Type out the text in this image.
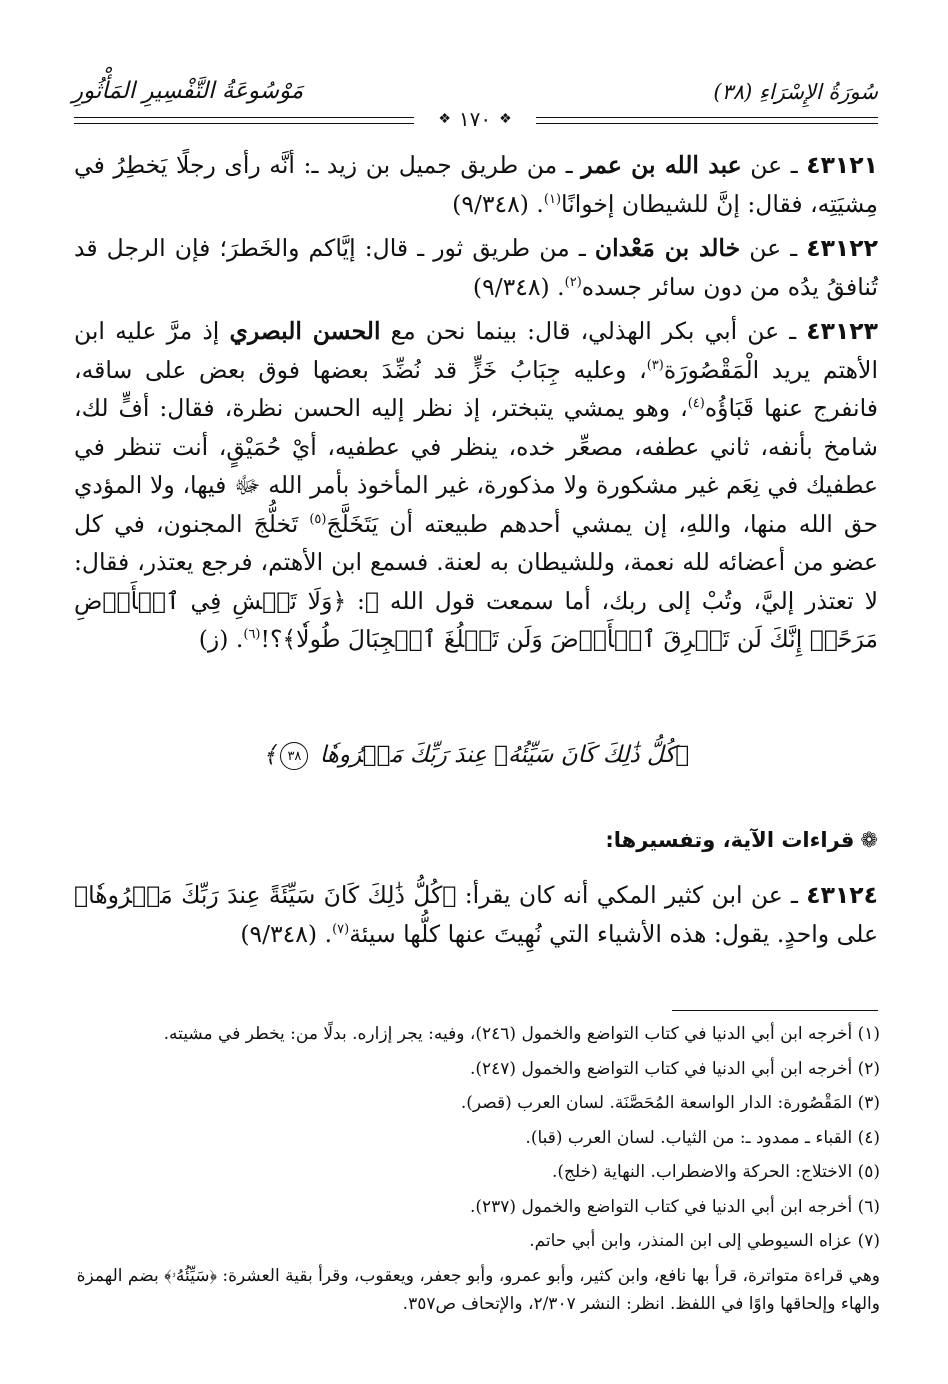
سُورَةُ الإِسْرَاءِ (٣٨)
مَوْسُوعَةُ التَّفْسِيرِ المَأْثُورِ
❖
١٧٠
❖

٤٣١٢١ ـ عن عبد الله بن عمر ـ من طريق جميل بن زيد ـ: أنَّه رأى رجلًا يَخطِرُ في مِشيَتِه، فقال: إنَّ للشيطان إخوانًا$^{(١)}$. (٩/٣٤٨)

٤٣١٢٢ ـ عن خالد بن مَعْدان ـ من طريق ثور ـ قال: إيَّاكم والخَطرَ؛ فإن الرجل قد تُنافقُ يدُه من دون سائر جسده$^{(٢)}$. (٩/٣٤٨)

٤٣١٢٣ ـ عن أبي بكر الهذلي، قال: بينما نحن مع الحسن البصري إذ مرَّ عليه ابن الأهتم يريد الْمَقْصُورَة$^{(٣)}$، وعليه جِبَابُ خَزٍّ قد نُضِّدَ بعضها فوق بعض على ساقه، فانفرج عنها قَبَاؤُه$^{(٤)}$، وهو يمشي يتبختر، إذ نظر إليه الحسن نظرة، فقال: أفٍّ لك، شامخ بأنفه، ثاني عطفه، مصعِّر خده، ينظر في عطفيه، أيْ حُمَيْقٍ، أنت تنظر في عطفيك في نِعَم غير مشكورة ولا مذكورة، غير المأخوذ بأمر الله ﷻ فيها، ولا المؤدي حق الله منها، واللهِ، إن يمشي أحدهم طبيعته أن يَتَخَلَّجَ$^{(٥)}$ تَخلُّجَ المجنون، في كل عضو من أعضائه لله نعمة، وللشيطان به لعنة. فسمع ابن الأهتم، فرجع يعتذر، فقال: لا تعتذر إليَّ، وتُبْ إلى ربك، أما سمعت قول الله ﷻ: ﴿وَلَا تَمۡشِ فِي ٱلۡأَرۡضِ مَرَحًاۖ إِنَّكَ لَن تَخۡرِقَ ٱلۡأَرۡضَ وَلَن تَبۡلُغَ ٱلۡجِبَالَ طُولٗا﴾؟!$^{(٦)}$. (ز)

﴿كُلُّ ذَٰلِكَ كَانَ سَيِّئُهُۥ عِندَ رَبِّكَ مَكۡرُوهٗا ٣٨﴾
❁قراءات الآية، وتفسيرها:

٤٣١٢٤ ـ عن ابن كثير المكي أنه كان يقرأ: ﴿كُلُّ ذَٰلِكَ كَانَ سَيِّئَةً عِندَ رَبِّكَ مَكۡرُوهٗا﴾ على واحدٍ. يقول: هذه الأشياء التي نُهِيتَ عنها كلُّها سيئة$^{(٧)}$. (٩/٣٤٨)

(١) أخرجه ابن أبي الدنيا في كتاب التواضع والخمول (٢٤٦)، وفيه: يجر إزاره. بدلًا من: يخطر في مشيته.

(٢) أخرجه ابن أبي الدنيا في كتاب التواضع والخمول (٢٤٧).

(٣) المَقْصُورة: الدار الواسعة المُحَصَّنَة. لسان العرب (قصر).

(٤) القباء ـ ممدود ـ: من الثياب. لسان العرب (قبا).

(٥) الاختلاج: الحركة والاضطراب. النهاية (خلج).

(٦) أخرجه ابن أبي الدنيا في كتاب التواضع والخمول (٢٣٧).

(٧) عزاه السيوطي إلى ابن المنذر، وابن أبي حاتم.

وهي قراءة متواترة، قرأ بها نافع، وابن كثير، وأبو عمرو، وأبو جعفر، ويعقوب، وقرأ بقية العشرة: ﴿سَيِّئُهُۥ﴾ بضم الهمزة والهاء وإلحاقها واوًا في اللفظ. انظر: النشر ٢/٣٠٧، والإتحاف ص٣٥٧.
